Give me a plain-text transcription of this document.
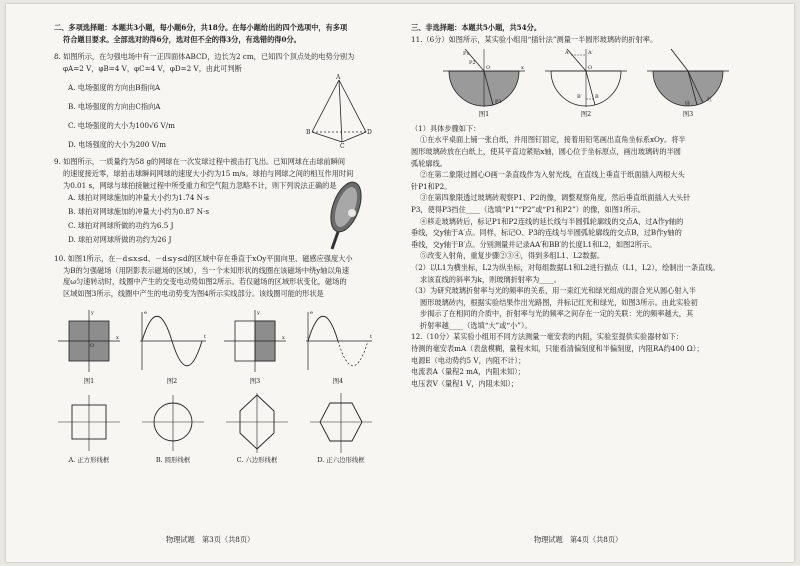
二、多项选择题：本题共3小题，每小题6分，共18分。在每小题给出的四个选项中，有多项

符合题目要求。全部选对的得6分，选对但不全的得3分，有选错的得0分。

8. 如图所示，在匀强电场中有一正四面体ABCD，边长为2 cm，已知四个顶点处的电势分别为

φA=2 V，φB=4 V，φC=4 V，φD=2 V，由此可判断

A. 电场强度的方向由B指向A

B. 电场强度的方向由C指向A

C. 电场强度的大小为100√6 V/m

D. 电场强度的大小为200 V/m

A
B	D
C

9. 如图所示，一质量约为58 g的网球在一次发球过程中被击打飞出。已知网球在击球前瞬间

的速度接近零，球拍击球瞬间网球的速度大小约为15 m/s。球拍与网球之间的相互作用时间

为0.01 s，网球与球拍接触过程中所受重力和空气阻力忽略不计，则下列说法正确的是

A. 球拍对网球施加的冲量大小约为1.74 N·s

B. 球拍对网球施加的冲量大小约为0.87 N·s

C. 球拍对网球所做的功约为6.5 J

D. 球拍对网球所做的功约为26 J

10. 如图1所示，在－d≤x≤d、－d≤y≤d的区域中存在垂直于xOy平面向里、磁感应强度大小

为B的匀强磁场（用阴影表示磁场的区域），当一个未知形状的线圈在该磁场中绕y轴以角速

度ω匀速转动时，线圈中产生的交变电动势如图2所示。若仅磁场的区域形状变化，磁场的

区域如图3所示，线圈中产生的电动势变为图4所示实线部分。该线圈可能的形状是

y
x
O

图1

e
t

图2

y
x

图3

e
t

图4

A. 正方形线框	B. 圆形线框	C. 六边形线框	D. 正六边形线框

物理试题　第3页（共8页）

三、非选择题：本题共5小题，共54分。

11.（6分）如图所示，某实验小组用“插针法”测量一半圆形玻璃砖的折射率。

P1
P2
O
P3
x

图1

A	A′
O
B
B′

图2

绿
红

图3

（1）具体步骤如下：

①在水平桌面上铺一张白纸，并用图钉固定，接着用铅笔画出直角坐标系xOy。将半

圆形玻璃砖放在白纸上，使其平直边紧贴x轴，圆心位于坐标原点，画出玻璃砖的半圆

弧轮廓线。

②在第二象限过圆心O画一条直线作为入射光线，在直线上垂直于纸面插入两根大头

针P1和P2。

③在第四象限透过玻璃砖观察P1、P2的像，调整观察角度，然后垂直纸面插入大头针

P3，使得P3挡住____（选填“P1”“P2”或“P1和P2”）的像，如图1所示。

④移走玻璃砖后，标记P1和P2连线的延长线与半圆弧轮廓线的交点A，过A作y轴的

垂线，交y轴于A′点。同样，标记O、P3的连线与半圆弧轮廓线的交点B，过B作y轴的

垂线，交y轴于B′点。分别测量并记录AA′和BB′的长度L1和L2，如图2所示。

⑤改变入射角，重复步骤②③④，得到多组L1、L2数据。

（2）以L1为横坐标，L2为纵坐标，对每组数据L1和L2进行描点（L1，L2），绘制出一条直线。

求该直线的斜率为k，则玻璃折射率为____。

（3）为研究玻璃折射率与光的频率的关系，用一束红光和绿光组成的混合光从圆心射入半

圆形玻璃砖内，根据实验结果作出光路图，并标记红光和绿光，如图3所示。由此实验初

步揭示了在相同的介质中，折射率与光的频率之间存在一定的关联：光的频率越大，其

折射率越____（选填“大”或“小”）。

12.（10分）某实验小组用不同方法测量一毫安表的内阻，实验室提供实验器材如下：

待测的毫安表mA（表盘模糊，量程未知，只能看清偏刻度和半偏刻度，内阻RA约400 Ω）；

电源E（电动势约5 V，内阻不计）；

电流表A（量程2 mA，内阻未知）；

电压表V（量程1 V，内阻未知）；

物理试题　第4页（共8页）
